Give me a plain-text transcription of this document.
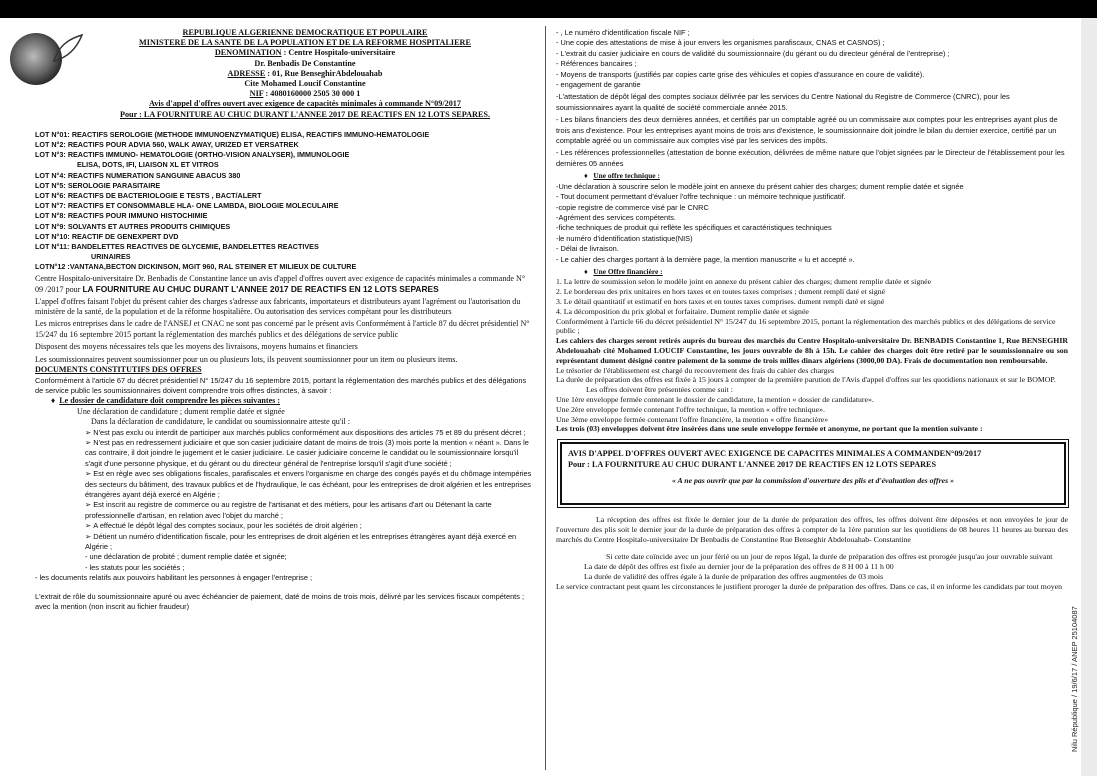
Nilu République / 19/6/17 / ANEP 25104087
REPUBLIQUE ALGERIENNE DEMOCRATIQUE ET POPULAIRE
MINISTERE DE LA SANTE DE LA POPULATION ET DE LA REFORME HOSPITALIERE
DENOMINATION : Centre Hospitalo-universitaire
Dr. Benbadis De Constantine
ADRESSE : 01, Rue BenseghirAbdelouahab
Cite Mohamed Loucif Constantine
NIF : 4080160000 2505 30 000 1
Avis d'appel d'offres ouvert avec exigence de capacités minimales à commande N°09/2017
Pour : LA FOURNITURE AU CHUC DURANT L'ANNEE 2017 DE REACTIFS EN 12 LOTS SEPARES.
LOT N°01: REACTIFS SEROLOGIE (METHODE IMMUNOENZYMATIQUE) ELISA, REACTIFS IMMUNO-HEMATOLOGIE
LOT N°2: REACTIFS POUR ADVIA 560, WALK AWAY, URIZED ET VERSATREK
LOT N°3: REACTIFS IMMUNO- HEMATOLOGIE (ORTHO-VISION ANALYSER), IMMUNOLOGIE
ELISA, DOTS, IFI, LIAISON XL ET VITROS
LOT N°4: REACTIFS NUMERATION SANGUINE ABACUS 380
LOT N°5: SEROLOGIE PARASITAIRE
LOT N°6: REACTIFS DE BACTERIOLOGIE E TESTS , BACT/ALERT
LOT N°7: REACTIFS ET CONSOMMABLE HLA- ONE LAMBDA, BIOLOGIE MOLECULAIRE
LOT N°8: REACTIFS POUR IMMUNO HISTOCHIMIE
LOT N°9: SOLVANTS ET AUTRES PRODUITS CHIMIQUES
LOT N°10: REACTIF DE GENEXPERT DVD
LOT N°11: BANDELETTES REACTIVES DE GLYCEMIE, BANDELETTES REACTIVES
URINAIRES
LOTN°12 :VANTANA,BECTON DICKINSON, MGIT 960, RAL STEINER ET MILIEUX DE CULTURE
Centre Hospitalo-universitaire Dr. Benbadis de Constantine lance un avis d'appel d'offres ouvert avec exigence de capacités minimales a commande N° 09 /2017 pour LA FOURNITURE AU CHUC DURANT L'ANNEE 2017 DE REACTIFS EN 12 LOTS SEPARES
L'appel d'offres faisant l'objet du présent cahier des charges s'adresse aux fabricants, importateurs et distributeurs ayant l'agrément ou l'autorisation du ministère de la santé, de la population et de la réforme hospitalière. Ou autorisation des services compétant pour les distributeurs
Les micros entreprises dans le cadre de l'ANSEJ et CNAC ne sont pas concerné par le présent avis Conformément à l'article 87 du décret présidentiel N° 15/247 du 16 septembre 2015 portant la réglementation des marchés publics et des délégations de service public
Disposent des moyens nécessaires tels que les moyens des livraisons, moyens humains et financiers
Les soumissionnaires peuvent soumissionner pour un ou plusieurs lots, ils peuvent soumissionner pour un item ou plusieurs items.
DOCUMENTS CONSTITUTIFS DES OFFRES
Conformément à l'article 67 du décret présidentiel N° 15/247 du 16 septembre 2015, portant la réglementation des marchés publics et des délégations de service public les soumissionnaires doivent comprendre trois offres distinctes, à savoir :
♦  Le dossier de candidature doit comprendre les pièces suivantes :
Une déclaration de candidature ; dument remplie datée et signée
Dans la déclaration de candidature, le candidat ou soumissionnaire atteste qu'il :
➢ N'est pas exclu ou interdit de participer aux marchés publics conformément aux dispositions des articles 75 et 89 du présent décret ;
➢ N'est pas en redressement judiciaire et que son casier judiciaire datant de moins de trois (3) mois porte la mention « néant ». Dans le cas contraire, il doit joindre le jugement et le casier judiciaire. Le casier judiciaire concerne le candidat ou le soumissionnaire lorsqu'il s'agit d'une personne physique, et du gérant ou du directeur général de l'entreprise lorsqu'il s'agit d'une société ;
➢ Est en règle avec ses obligations fiscales, parafiscales et envers l'organisme en charge des congés payés et du chômage intempéries des secteurs du bâtiment, des travaux publics et de l'hydraulique, le cas échéant, pour les entreprises de droit algérien et les entreprises étrangères ayant déjà exercé en Algérie ;
➢ Est inscrit au registre de commerce ou au registre de l'artisanat et des métiers, pour les artisans d'art ou Détenant la carte professionnelle d'artisan, en relation avec l'objet du marché ;
➢ A effectué le dépôt légal des comptes sociaux, pour les sociétés de droit algérien ;
➢ Détient un numéro d'identification fiscale, pour les entreprises de droit algérien et les entreprises étrangères ayant déjà exercé en Algérie ;
- une déclaration de probité ; dument remplie datée et signée;
- les statuts pour les sociétés ;
- les documents relatifs aux pouvoirs habilitant les personnes à engager l'entreprise ;
L'extrait de rôle du soumissionnaire apuré ou avec échéancier de paiement, daté de moins de trois mois, délivré par les services fiscaux compétents ; avec la mention (non inscrit au fichier fraudeur)
- , Le numéro d'identification fiscale NIF ;
- Une copie des attestations de mise à jour envers les organismes parafiscaux, CNAS et CASNOS) ;
- L'extrait du casier judiciaire en cours de validité du soumissionnaire (du gérant ou du directeur général de l'entreprise) ;
- Références bancaires ;
- Moyens de transports (justifiés par copies carte grise des véhicules et copies d'assurance en coure de validité).
- engagement de garantie
-L'attestation de dépôt légal des comptes sociaux délivrée par les services du Centre National du Registre de Commerce (CNRC), pour les soumissionnaires ayant la qualité de société commerciale année 2015.
- Les bilans financiers des deux dernières années, et certifiés par un comptable agréé ou un commissaire aux comptes pour les entreprises ayant plus de trois ans d'existence. Pour les entreprises ayant moins de trois ans d'existence, le soumissionnaire doit joindre le bilan du dernier exercice, certifié par un comptable agréé ou un commissaire aux comptes visé par les services des impôts.
- Les références professionnelles (attestation de bonne exécution, délivrées de même nature que l'objet signées par le Directeur de l'établissement pour les dernières 05 années
♦   Une offre technique :
-Une déclaration à souscrire selon le modèle joint en annexe du présent cahier des charges; dument remplie datée et signée
- Tout document permettant d'évaluer l'offre technique : un mémoire technique justificatif.
-copie registre de commerce visé par le CNRC
-Agrément des services compétents.
-fiche techniques de produit qui reflète les spécifiques et caractéristiques techniques
-le numéro d'identification statistique(NIS)
- Délai de livraison.
- Le cahier des charges portant à la dernière page, la mention manuscrite « lu et accepté ».
♦   Une Offre financière :
1. La lettre de soumission selon le modèle joint en annexe du présent cahier des charges; dument remplie datée et signée
2. Le bordereau des prix unitaires en hors taxes et en toutes taxes comprises ; dument rempli daté et signé
3. Le détail quantitatif et estimatif en hors taxes et en toutes taxes comprises. dument rempli daté et signé
4. La décomposition du prix global et forfaitaire. Dument remplie datée et signée
Conformément à l'article 66 du décret présidentiel N° 15/247 du 16 septembre 2015, portant la réglementation des marchés publics et des délégations de service public ;
Les cahiers des charges seront retirés auprès du bureau des marchés du Centre Hospitalo-universitaire Dr. BENBADIS Constantine 1, Rue BENSEGHIR Abdelouahab cité Mohamed LOUCIF Constantine, les jours ouvrable de 8h à 15h. Le cahier des charges doit être retiré par le soumissionnaire ou son représentant dument désigné contre paiement de la somme de trois milles dinars algériens (3000,00 DA). Frais de documentation non remboursable.
Le trésorier de l'établissement est chargé du recouvrement des frais du cahier des charges
La durée de préparation des offres est fixée à 15 jours à compter de la première parution de l'Avis d'appel d'offres sur les quotidiens nationaux et sur le BOMOP.
Les offres doivent être présentées comme suit :
Une 1ère enveloppe fermée contenant le dossier de candidature, la mention « dossier de candidature».
Une 2ère enveloppe fermée contenant l'offre technique, la mention « offre technique».
Une 3ème enveloppe fermée contenant l'offre financière, la mention « offre financière»
Les trois (03) enveloppes doivent être insérées dans une seule enveloppe fermée et anonyme, ne portant que la mention suivante :
AVIS D'APPEL D'OFFRES OUVERT AVEC EXIGENCE DE CAPACITES MINIMALES A COMMANDEN°09/2017
Pour : LA FOURNITURE AU CHUC DURANT L'ANNEE 2017 DE REACTIFS EN 12 LOTS SEPARES
« A ne pas ouvrir que par la commission d'ouverture des plis et d'évaluation des offres »
La réception des offres est fixée le dernier jour de la durée de préparation des offres, les offres doivent être déposées et non envoyées le jour de l'ouverture des plis soit le dernier jour de la durée de préparation des offres à compter de la 1ère parution sur les quotidiens de 08 heures 11 heures au bureau des marchés du Centre Hospitalo-universitaire Dr Benbadis de Constantine Rue Benseghir Abdelouahab- Constantine
Si cette date coïncide avec un jour férié ou un jour de repos légal, la durée de préparation des offres est prorogée jusqu'au jour ouvrable suivant
La date de dépôt des offres est fixée au dernier jour de la préparation des offres de 8 H 00 à 11 h 00
La durée de validité des offres égale à la durée de préparation des offres augmentées de 03 mois
Le service contractant peut quant les circonstances le justifient proroger la durée de préparation des offres. Dans ce cas, il en informe les candidats par tout moyen
